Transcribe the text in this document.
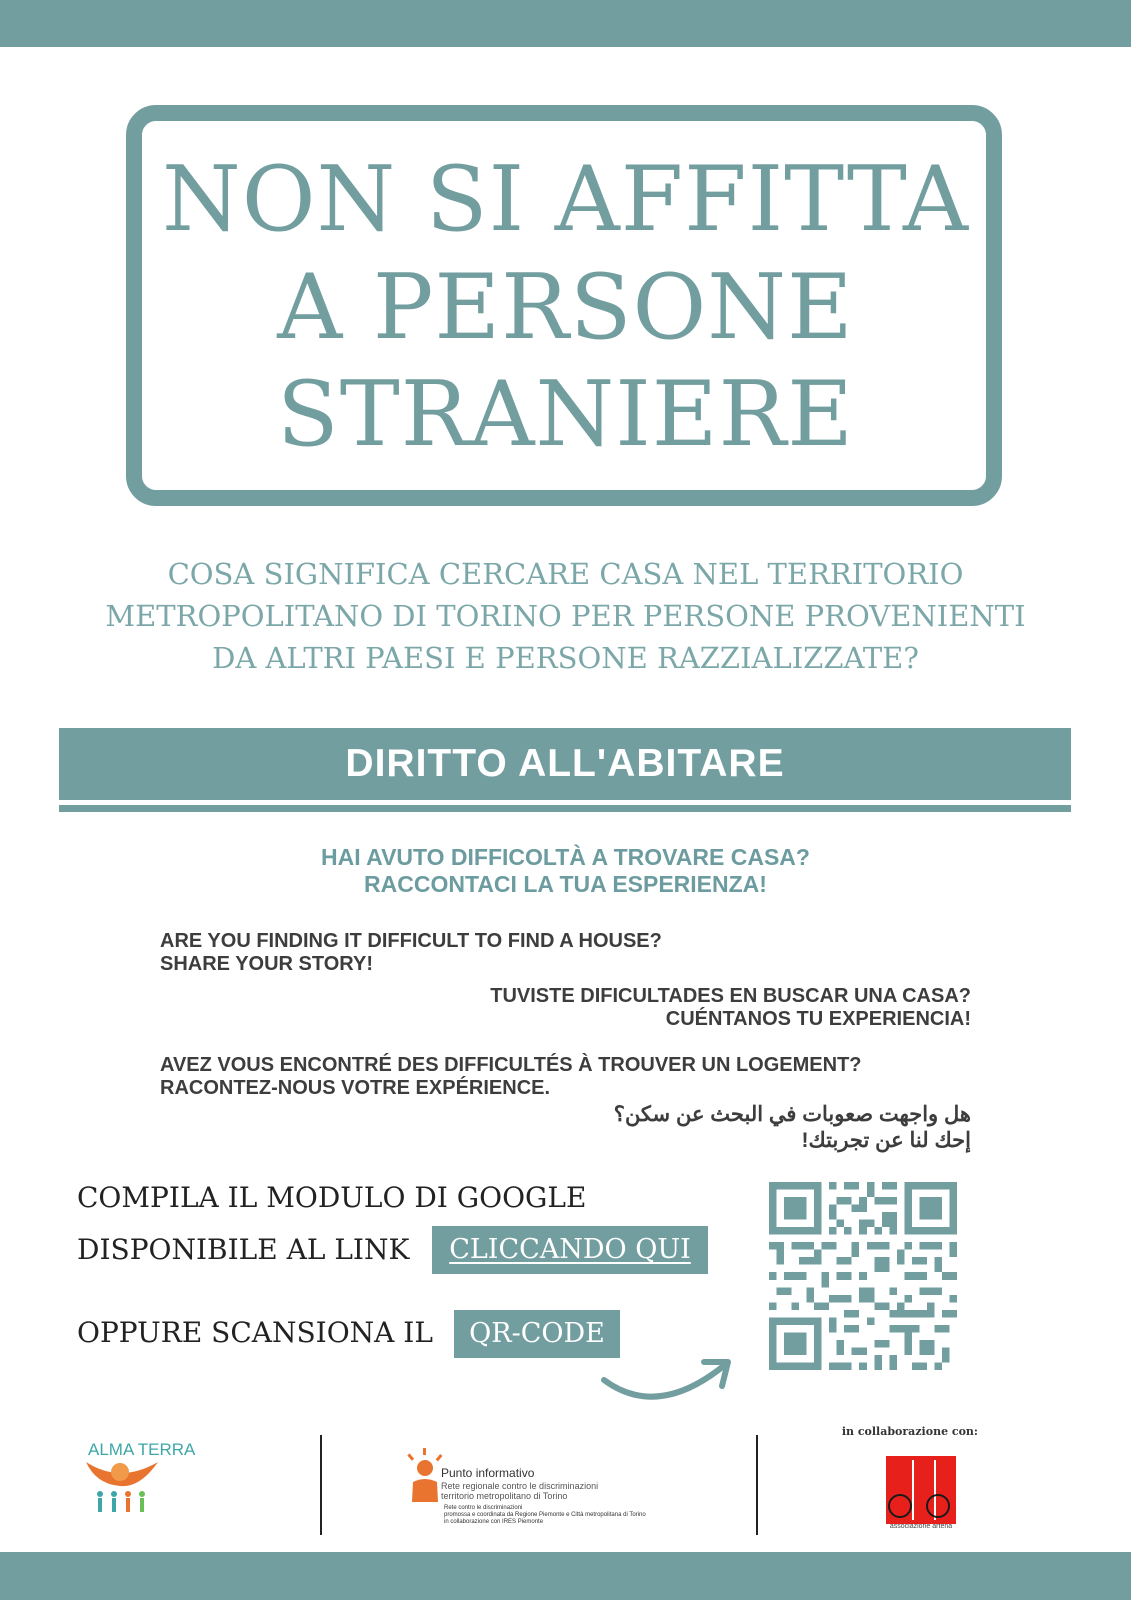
NON SI AFFITTA
A PERSONE
STRANIERE
COSA SIGNIFICA CERCARE CASA NEL TERRITORIO
METROPOLITANO DI TORINO PER PERSONE PROVENIENTI
DA ALTRI PAESI E PERSONE RAZZIALIZZATE?
DIRITTO ALL'ABITARE
HAI AVUTO DIFFICOLTÀ A TROVARE CASA?
RACCONTACI LA TUA ESPERIENZA!
ARE YOU FINDING IT DIFFICULT TO FIND A HOUSE?
SHARE YOUR STORY!
TUVISTE DIFICULTADES EN BUSCAR UNA CASA?
CUÉNTANOS TU EXPERIENCIA!
AVEZ VOUS ENCONTRÉ DES DIFFICULTÉS À TROUVER UN LOGEMENT?
RACONTEZ-NOUS VOTRE EXPÉRIENCE.
هل واجهت صعوبات في البحث عن سكن؟
إحك لنا عن تجربتك!
COMPILA IL MODULO DI GOOGLE
DISPONIBILE AL LINK	CLICCANDO QUI
OPPURE SCANSIONA IL	QR-CODE
ALMA TERRA
Punto informativo
Rete regionale contro le discriminazioni
territorio metropolitano di Torino
Rete contro le discriminazioni
promossa e coordinata da Regione Piemonte e Città metropolitana di Torino
in collaborazione con IRES Piemonte
in collaborazione con:
associazione artena
